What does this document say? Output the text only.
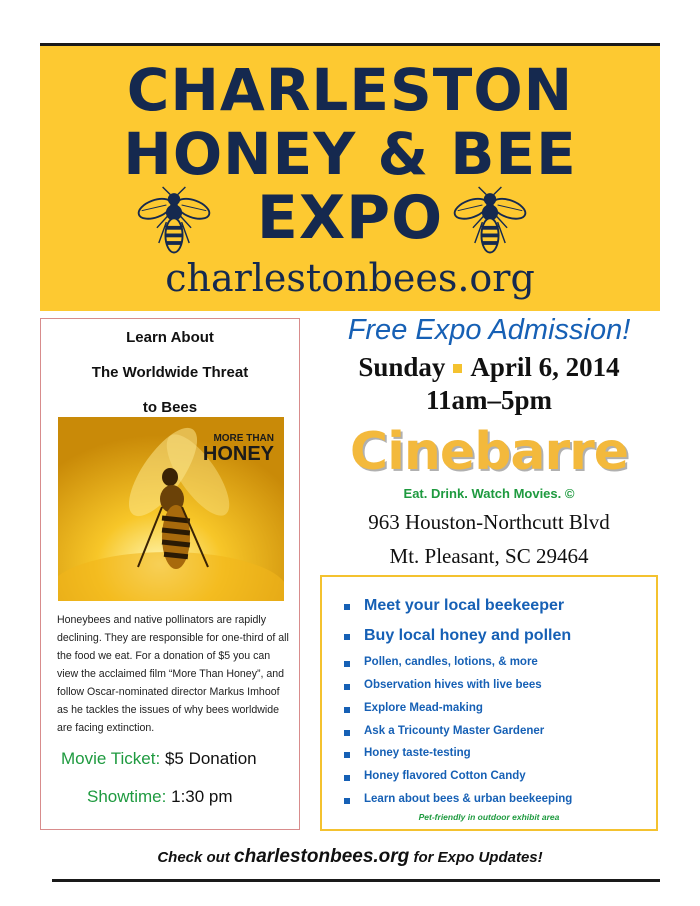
CHARLESTON
HONEY & BEE
EXPO
charlestonbees.org
Learn About
The Worldwide Threat
to Bees
MORE THAN
HONEY
Honeybees and native pollinators are rapidly declining. They are responsible for one-third of all the food we eat. For a donation of $5 you can view the acclaimed film “More Than Honey”, and follow Oscar-nominated director Markus Imhoof as he tackles the issues of why bees worldwide are facing extinction.
Movie Ticket: $5 Donation
Showtime: 1:30 pm
Free Expo Admission!
Sunday April 6, 2014
11am–5pm
Cinebarre
Eat. Drink. Watch Movies. ©
963 Houston-Northcutt Blvd
Mt. Pleasant, SC 29464
Meet your local beekeeper
Buy local honey and pollen
Pollen, candles, lotions, & more
Observation hives with live bees
Explore Mead-making
Ask a Tricounty Master Gardener
Honey taste-testing
Honey flavored Cotton Candy
Learn about bees & urban beekeeping
Pet-friendly in outdoor exhibit area
Check out charlestonbees.org for Expo Updates!
